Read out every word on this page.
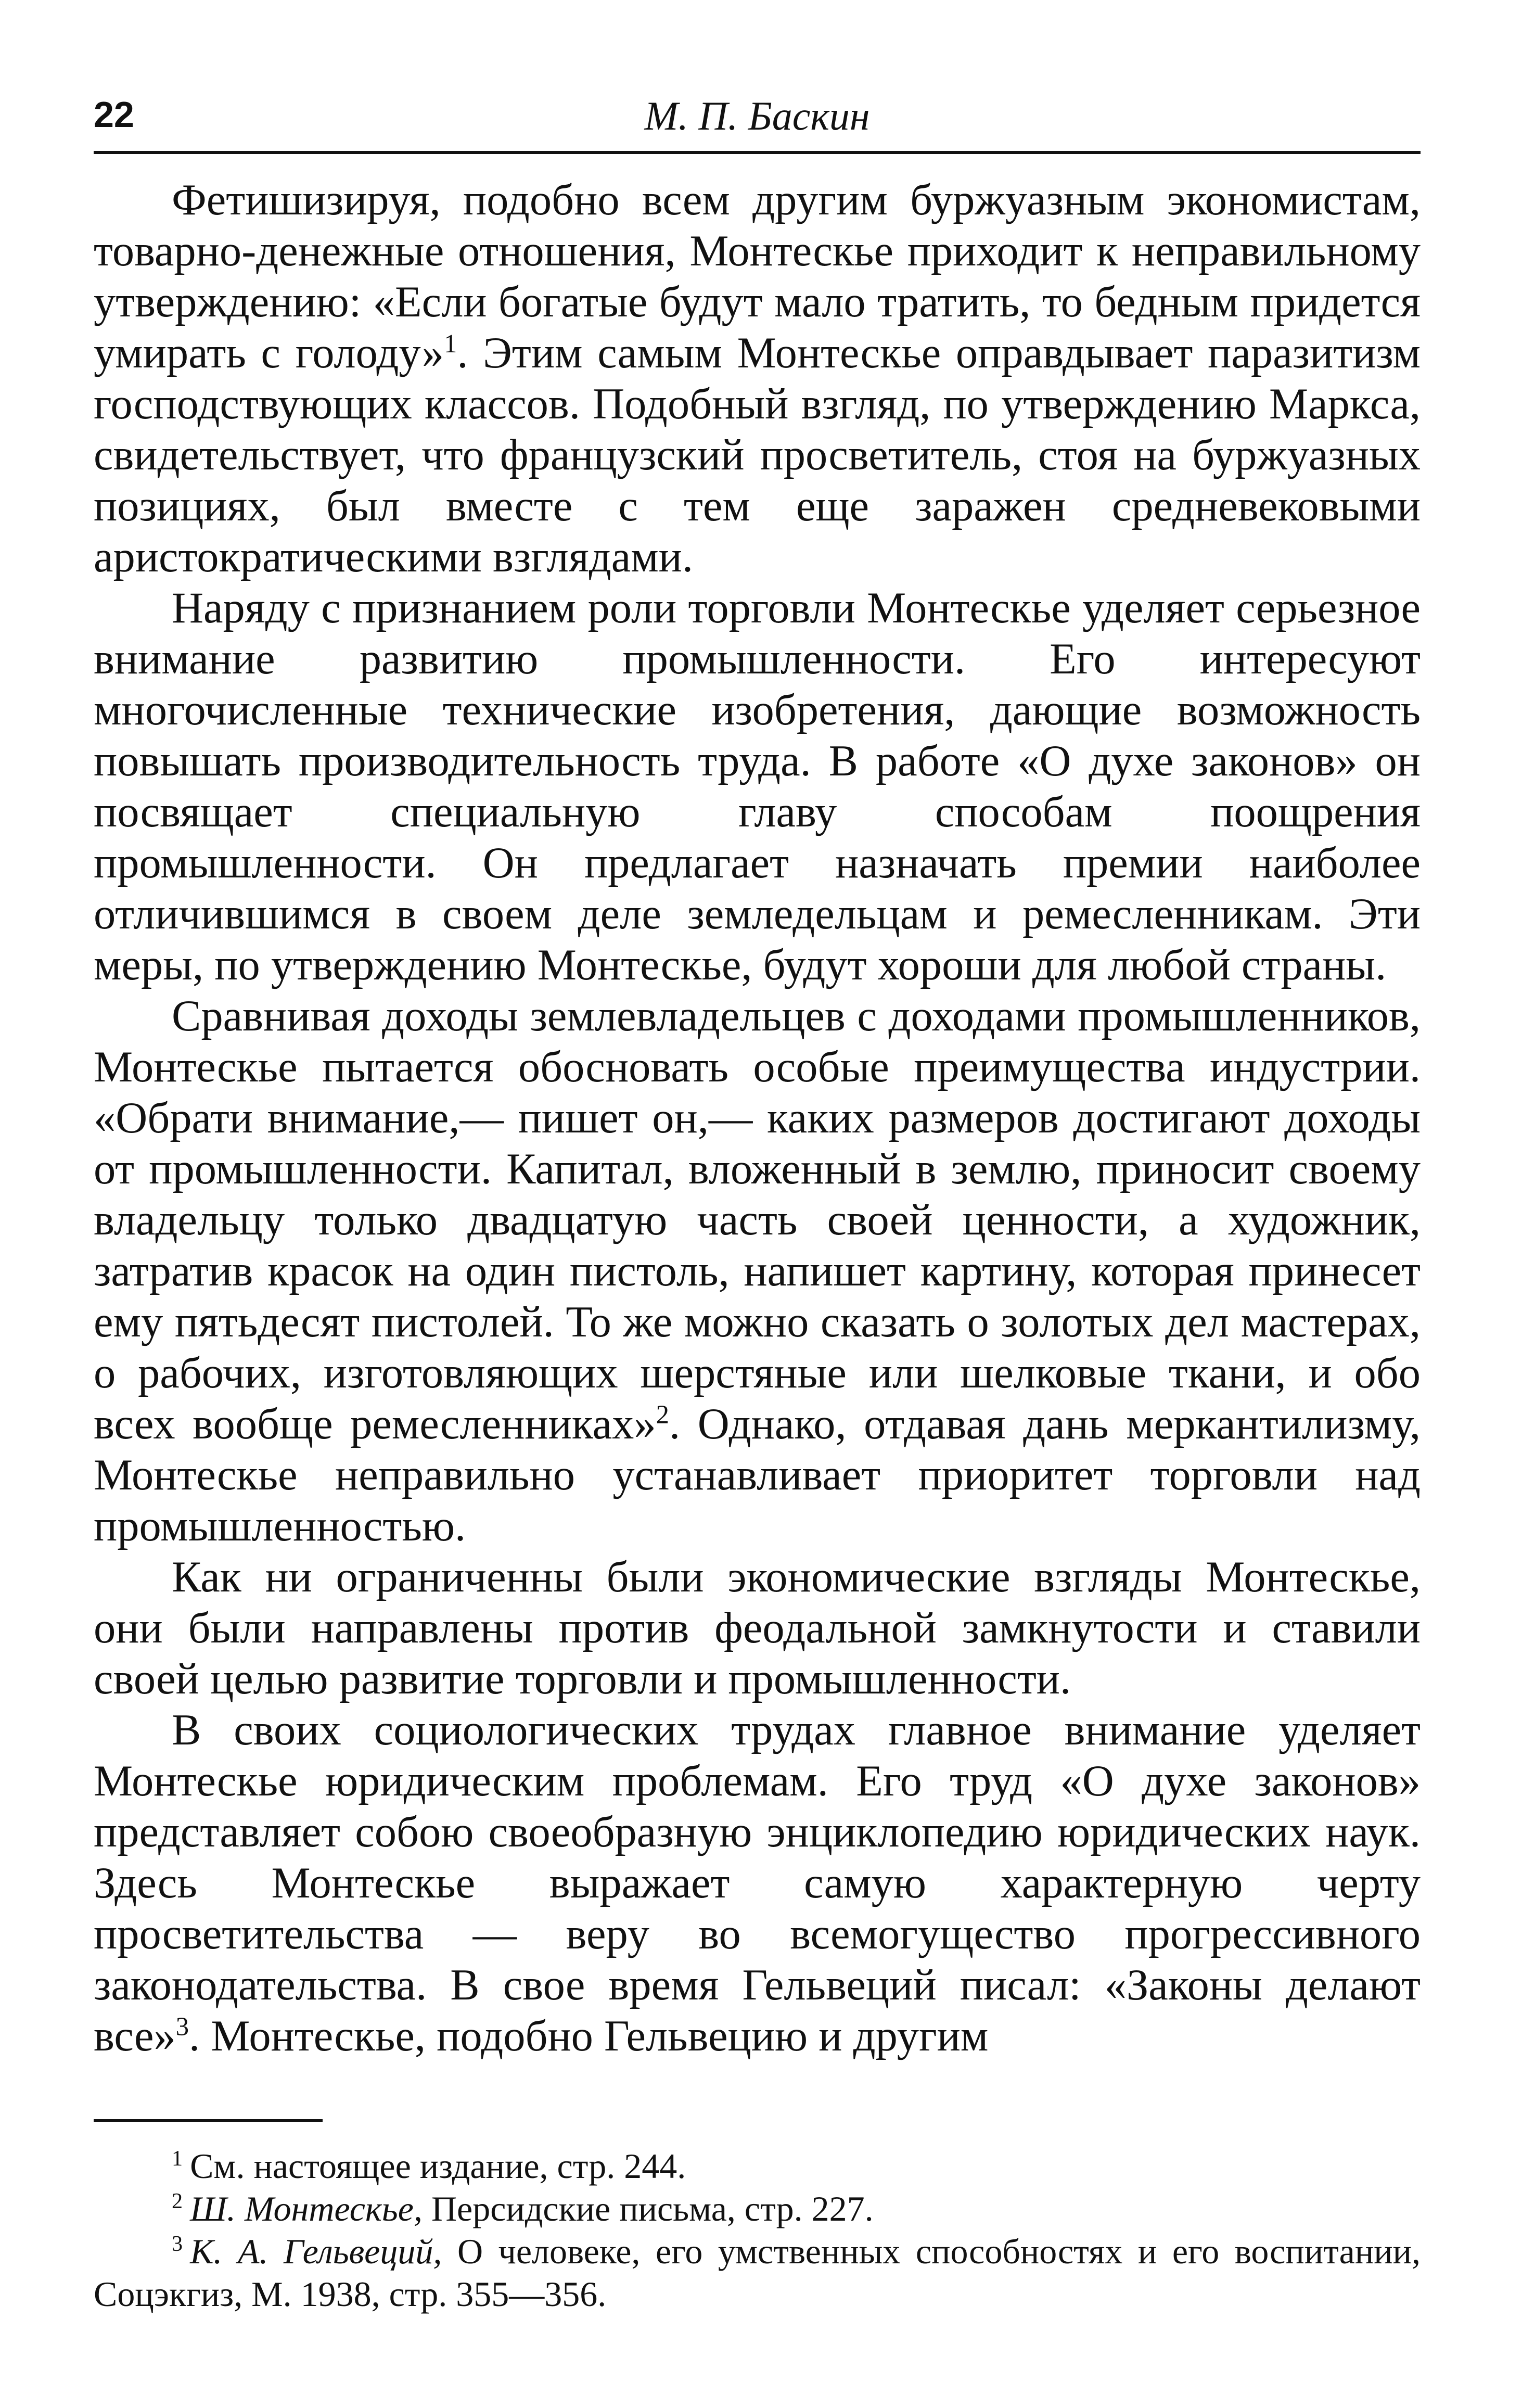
22	М. П. Баскин

Фетишизируя, подобно всем другим буржуазным экономистам, товарно-денежные отношения, Монтескье приходит к неправильному утверждению: «Если богатые будут мало тратить, то бедным придется умирать с голоду»$^1$. Этим самым Монтескье оправдывает паразитизм господствующих классов. Подобный взгляд, по утверждению Маркса, свидетельствует, что французский просветитель, стоя на буржуазных позициях, был вместе с тем еще заражен средневековыми аристократическими взглядами.

Наряду с признанием роли торговли Монтескье уделяет серьезное внимание развитию промышленности. Его интересуют многочисленные технические изобретения, дающие возможность повышать производительность труда. В работе «О духе законов» он посвящает специальную главу способам поощрения промышленности. Он предлагает назначать премии наиболее отличившимся в своем деле земледельцам и ремесленникам. Эти меры, по утверждению Монтескье, будут хороши для любой страны.

Сравнивая доходы землевладельцев с доходами промышленников, Монтескье пытается обосновать особые преимущества индустрии. «Обрати внимание,— пишет он,— каких размеров достигают доходы от промышленности. Капитал, вложенный в землю, приносит своему владельцу только двадцатую часть своей ценности, а художник, затратив красок на один пистоль, напишет картину, которая принесет ему пятьдесят пистолей. То же можно сказать о золотых дел мастерах, о рабочих, изготовляющих шерстяные или шелковые ткани, и обо всех вообще ремесленниках»$^2$. Однако, отдавая дань меркантилизму, Монтескье неправильно устанавливает приоритет торговли над промышленностью.

Как ни ограниченны были экономические взгляды Монтескье, они были направлены против феодальной замкнутости и ставили своей целью развитие торговли и промышленности.

В своих социологических трудах главное внимание уделяет Монтескье юридическим проблемам. Его труд «О духе законов» представляет собою своеобразную энциклопедию юридических наук. Здесь Монтескье выражает самую характерную черту просветительства — веру во всемогущество прогрессивного законодательства. В свое время Гельвеций писал: «Законы делают все»$^3$. Монтескье, подобно Гельвецию и другим

$^1$ См. настоящее издание, стр. 244.

$^2$ Ш. Монтескье, Персидские письма, стр. 227.

$^3$ К. А. Гельвеций, О человеке, его умственных способностях и его воспитании, Соцэкгиз, М. 1938, стр. 355—356.
